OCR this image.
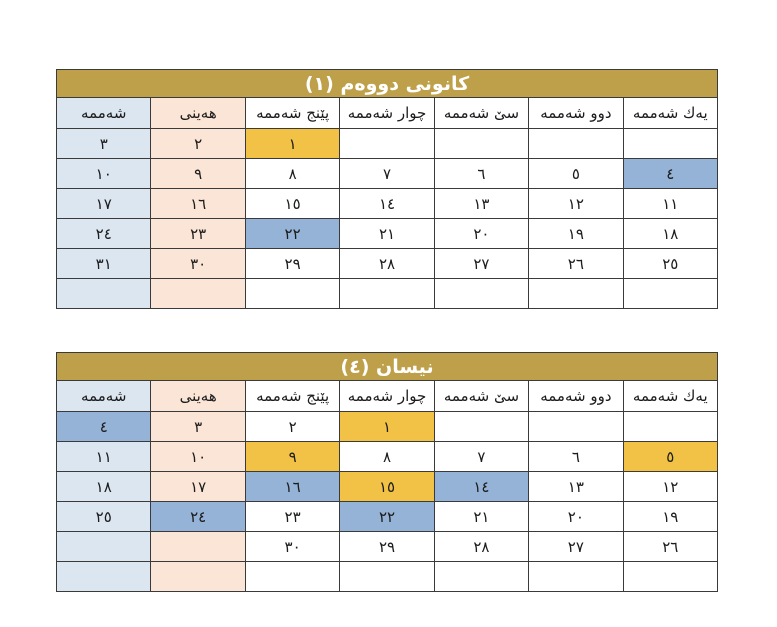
كانونی دووەم (١)						
یەك شەممە	دوو شەممە	سێ شەممە	چوار شەممە	پێنج شەممە	هەینی	شەممە
				١	٢	٣
٤	٥	٦	٧	٨	٩	١٠
١١	١٢	١٣	١٤	١٥	١٦	١٧
١٨	١٩	٢٠	٢١	٢٢	٢٣	٢٤
٢٥	٢٦	٢٧	٢٨	٢٩	٣٠	٣١

نیسان (٤)						
یەك شەممە	دوو شەممە	سێ شەممە	چوار شەممە	پێنج شەممە	هەینی	شەممە
			١	٢	٣	٤
٥	٦	٧	٨	٩	١٠	١١
١٢	١٣	١٤	١٥	١٦	١٧	١٨
١٩	٢٠	٢١	٢٢	٢٣	٢٤	٢٥
٢٦	٢٧	٢٨	٢٩	٣٠		
